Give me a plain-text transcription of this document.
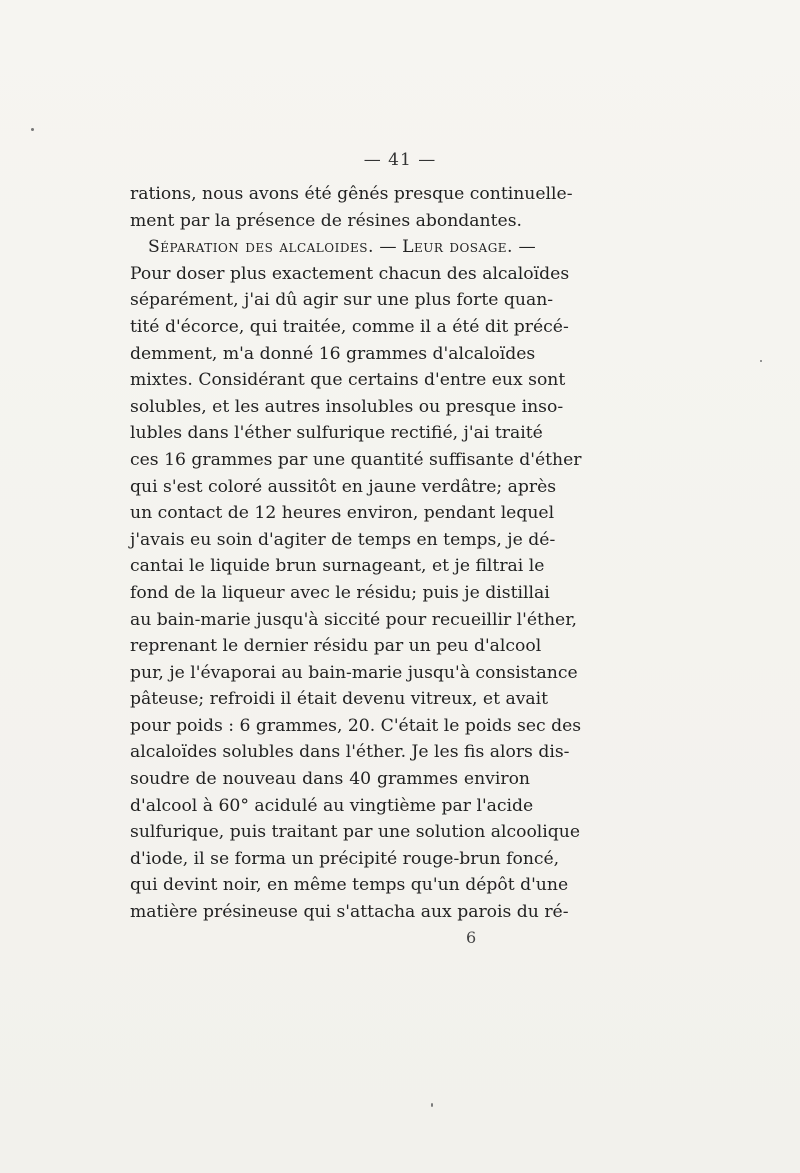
— 41 —
rations, nous avons été gênés presque continuelle-
ment par la présence de résines abondantes.
Séparation des alcaloides. — Leur dosage. —
Pour doser plus exactement chacun des alcaloïdes
séparément, j'ai dû agir sur une plus forte quan-
tité d'écorce, qui traitée, comme il a été dit précé-
demment, m'a donné 16 grammes d'alcaloïdes
mixtes. Considérant que certains d'entre eux sont
solubles, et les autres insolubles ou presque inso-
lubles dans l'éther sulfurique rectifié, j'ai traité
ces 16 grammes par une quantité suffisante d'éther
qui s'est coloré aussitôt en jaune verdâtre; après
un contact de 12 heures environ, pendant lequel
j'avais eu soin d'agiter de temps en temps, je dé-
cantai le liquide brun surnageant, et je filtrai le
fond de la liqueur avec le résidu; puis je distillai
au bain-marie jusqu'à siccité pour recueillir l'éther,
reprenant le dernier résidu par un peu d'alcool
pur, je l'évaporai au bain-marie jusqu'à consistance
pâteuse; refroidi il était devenu vitreux, et avait
pour poids : 6 grammes, 20. C'était le poids sec des
alcaloïdes solubles dans l'éther. Je les fis alors dis-
soudre de nouveau dans 40 grammes environ
d'alcool à 60° acidulé au vingtième par l'acide
sulfurique, puis traitant par une solution alcoolique
d'iode, il se forma un précipité rouge-brun foncé,
qui devint noir, en même temps qu'un dépôt d'une
matière présineuse qui s'attacha aux parois du ré-
6
